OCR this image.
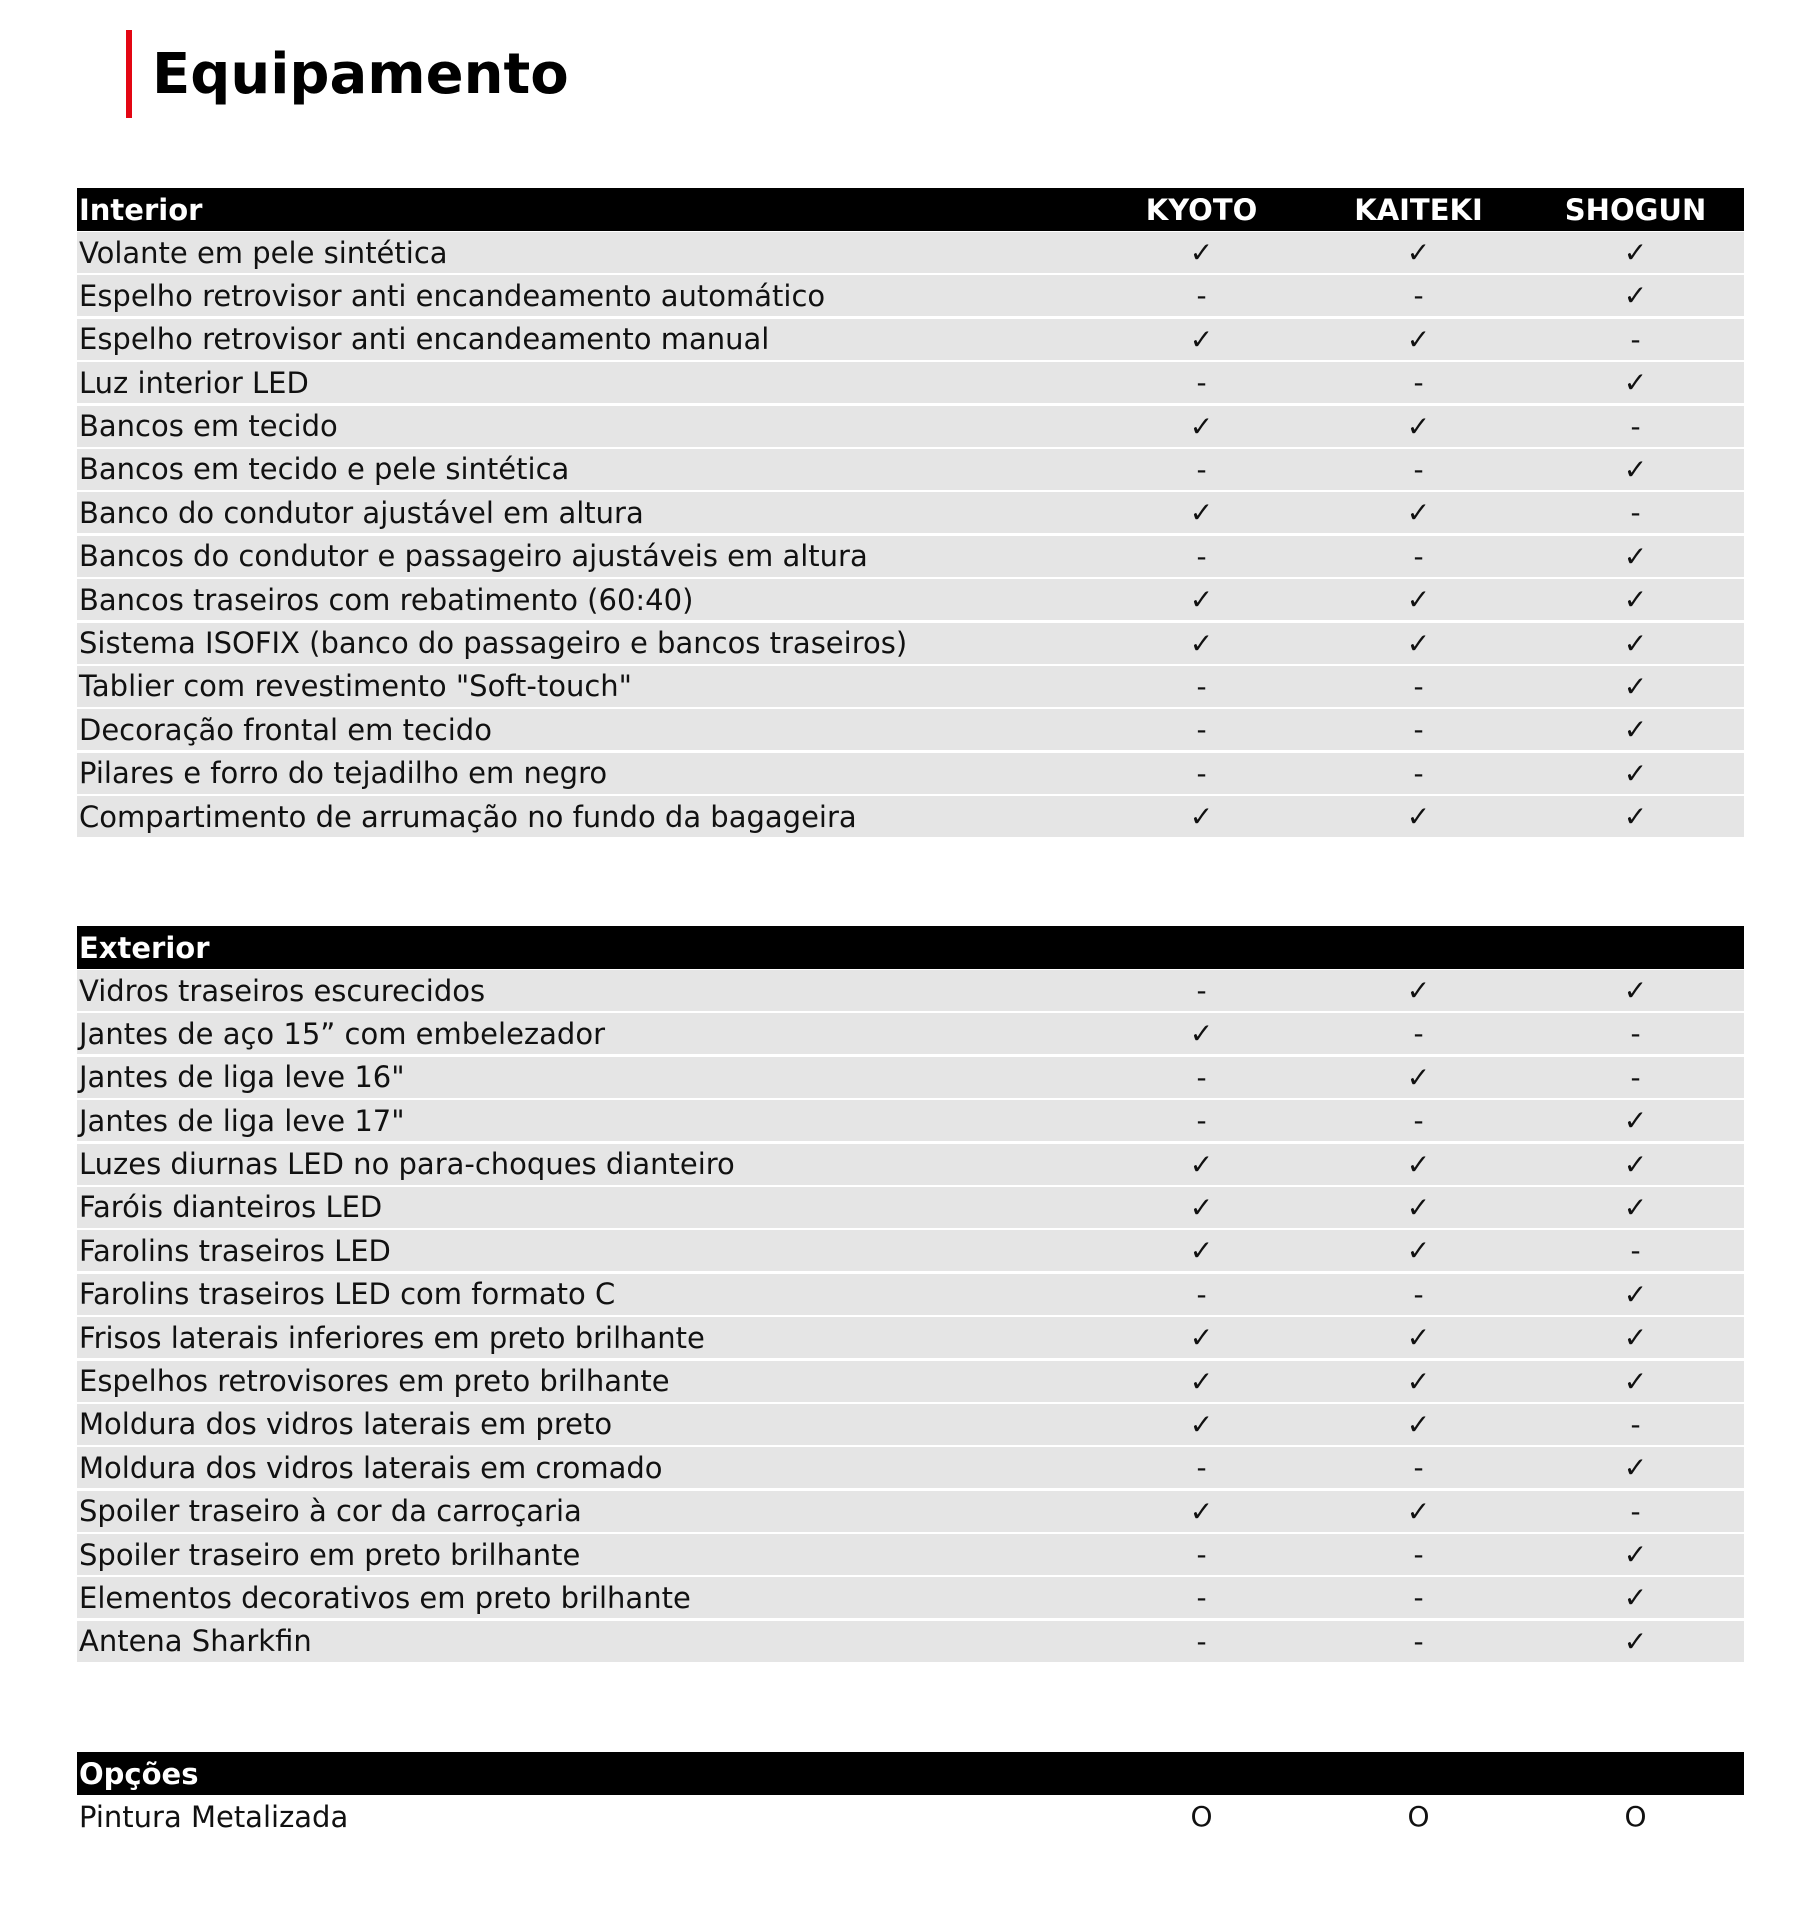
Equipamento
Interior	KYOTO	KAITEKI	SHOGUN
Volante em pele sintética	✓	✓	✓
Espelho retrovisor anti encandeamento automático	-	-	✓
Espelho retrovisor anti encandeamento manual	✓	✓	-
Luz interior LED	-	-	✓
Bancos em tecido	✓	✓	-
Bancos em tecido e pele sintética	-	-	✓
Banco do condutor ajustável em altura	✓	✓	-
Bancos do condutor e passageiro ajustáveis em altura	-	-	✓
Bancos traseiros com rebatimento (60:40)	✓	✓	✓
Sistema ISOFIX (banco do passageiro e bancos traseiros)	✓	✓	✓
Tablier com revestimento "Soft-touch"	-	-	✓
Decoração frontal em tecido	-	-	✓
Pilares e forro do tejadilho em negro	-	-	✓
Compartimento de arrumação no fundo da bagageira	✓	✓	✓
Exterior
Vidros traseiros escurecidos	-	✓	✓
Jantes de aço 15” com embelezador	✓	-	-
Jantes de liga leve 16"	-	✓	-
Jantes de liga leve 17"	-	-	✓
Luzes diurnas LED no para-choques dianteiro	✓	✓	✓
Faróis dianteiros LED	✓	✓	✓
Farolins traseiros LED	✓	✓	-
Farolins traseiros LED com formato C	-	-	✓
Frisos laterais inferiores em preto brilhante	✓	✓	✓
Espelhos retrovisores em preto brilhante	✓	✓	✓
Moldura dos vidros laterais em preto	✓	✓	-
Moldura dos vidros laterais em cromado	-	-	✓
Spoiler traseiro à cor da carroçaria	✓	✓	-
Spoiler traseiro em preto brilhante	-	-	✓
Elementos decorativos em preto brilhante	-	-	✓
Antena Sharkfin	-	-	✓
Opções
Pintura Metalizada	O	O	O
